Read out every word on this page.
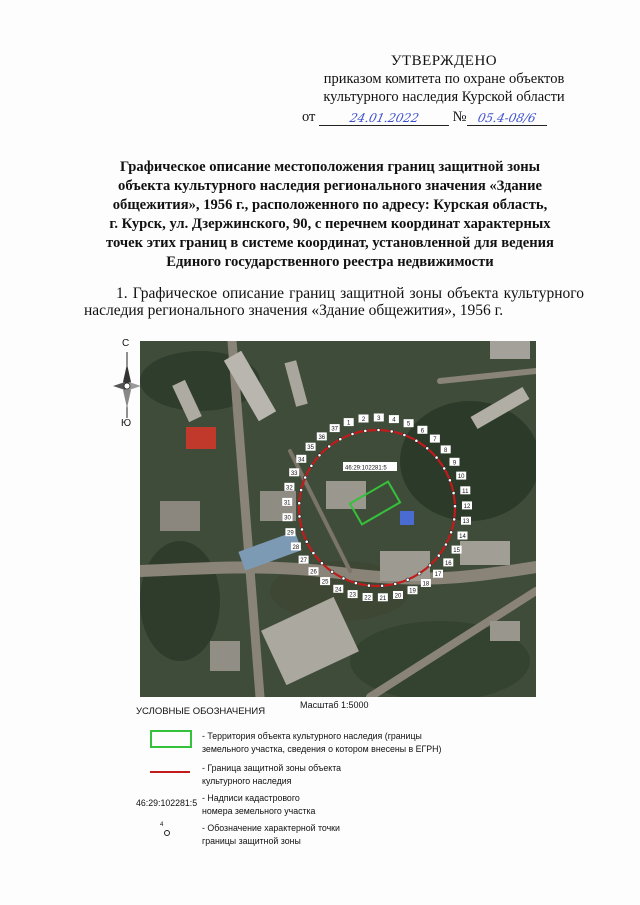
УТВЕРЖДЕНО
приказом комитета по охране объектов
культурного наследия Курской области
от	24.01.2022 № 05.4-08/6
Графическое описание местоположения границ защитной зоны
объекта культурного наследия регионального значения «Здание
общежития», 1956 г., расположенного по адресу: Курская область,
г. Курск, ул. Дзержинского, 90, с перечнем координат характерных
точек этих границ в системе координат, установленной для ведения
Единого государственного реестра недвижимости
1. Графическое описание границ защитной зоны объекта культурного наследия регионального значения «Здание общежития», 1956 г.
С
Ю
46:29:102281:5
1
2 3 4
5
6
7
8
9
10
11
12
13
14
15
16
17
18
19
20
21
22
23
24
25
26
27
28
29
30
31
32
33
34
35
36
37
Масштаб 1:5000
УСЛОВНЫЕ ОБОЗНАЧЕНИЯ
- Территория объекта культурного наследия (границы
земельного участка, сведения о котором внесены в ЕГРН)
- Граница защитной зоны объекта
культурного наследия
46:29:102281:5 - Надписи кадастрового
номера земельного участка
4	- Обозначение характерной точки
границы защитной зоны
